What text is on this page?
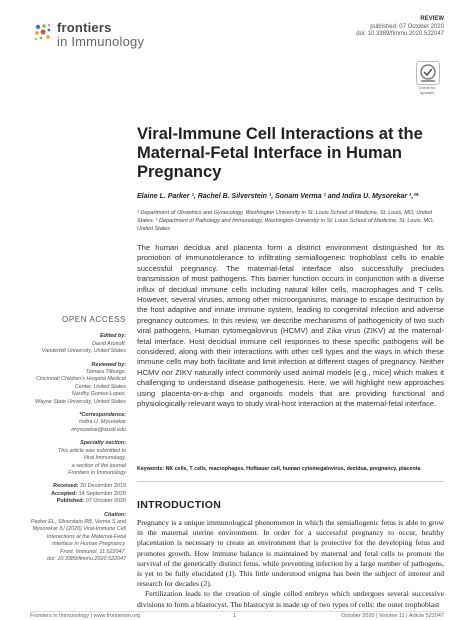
frontiers
in Immunology
REVIEW
published: 07 October 2020
doi: 10.3389/fimmu.2020.522047
Check for updates
Viral-Immune Cell Interactions at the Maternal-Fetal Interface in Human Pregnancy
Elaine L. Parker ¹, Rachel B. Silverstein ¹, Sonam Verma ¹ and Indira U. Mysorekar ¹,²*
¹ Department of Obstetrics and Gynecology, Washington University in St. Louis School of Medicine, St. Louis, MO, United States, ² Department of Pathology and Immunology, Washington University in St. Louis School of Medicine, St. Louis, MO, United States
The human decidua and placenta form a distinct environment distinguished for its promotion of immunotolerance to infiltrating semiallogeneic trophoblast cells to enable successful pregnancy. The maternal-fetal interface also successfully precludes transmission of most pathogens. This barrier function occurs in conjunction with a diverse influx of decidual immune cells including natural killer cells, macrophages and T cells. However, several viruses, among other microorganisms, manage to escape destruction by the host adaptive and innate immune system, leading to congenital infection and adverse pregnancy outcomes. In this review, we describe mechanisms of pathogenicity of two such viral pathogens, Human cytomegalovirus (HCMV) and Zika virus (ZIKV) at the maternal-fetal interface. Host decidual immune cell responses to these specific pathogens will be considered, along with their interactions with other cell types and the ways in which these immune cells may both facilitate and limit infection at different stages of pregnancy. Neither HCMV nor ZIKV naturally infect commonly used animal models [e.g., mice] which makes it challenging to understand disease pathogenesis. Here, we will highlight new approaches using placenta-on-a-chip and organoids models that are providing functional and physiologically relevant ways to study viral-host interaction at the maternal-fetal interface.
Keywords: NK cells, T cells, macrophages, Hofbauer cell, human cytomegalovirus, decidua, pregnancy, placenta
OPEN ACCESS
Edited by:
David Aronoff,
Vanderbilt University, United States
Reviewed by:
Tamara Tilburgs,
Cincinnati Children's Hospital Medical
Center, United States
Nardhy Gomez-Lopez,
Wayne State University, United States
*Correspondence:
Indira U. Mysorekar
imysorekar@wustl.edu
Specialty section:
This article was submitted to
Viral Immunology,
a section of the journal
Frontiers in Immunology
Received: 20 December 2019
Accepted: 14 September 2020
Published: 07 October 2020
Citation:
Parker EL, Silverstein RB, Verma S and
Mysorekar IU (2020) Viral-Immune Cell
Interactions at the Maternal-Fetal
Interface in Human Pregnancy.
Front. Immunol. 11:522047.
doi: 10.3389/fimmu.2020.522047
INTRODUCTION

Pregnancy is a unique immunological phenomenon in which the semiallogenic fetus is able to grow in the maternal uterine environment. In order for a successful pregnancy to occur, healthy placentation is necessary to create an environment that is protective for the developing fetus and promotes growth. How immune balance is maintained by maternal and fetal cells to promote the survival of the genetically distinct fetus, while preventing infection by a large number of pathogens, is yet to be fully elucidated (1). This little understood enigma has been the subject of interest and research for decades (2).

Fertilization leads to the creation of single celled embryo which undergoes several successive divisions to form a blastocyst. The blastocyst is made up of two types of cells: the outer trophoblast

Frontiers in Immunology | www.frontiersin.org	1	October 2020 | Volume 11 | Article 522047
